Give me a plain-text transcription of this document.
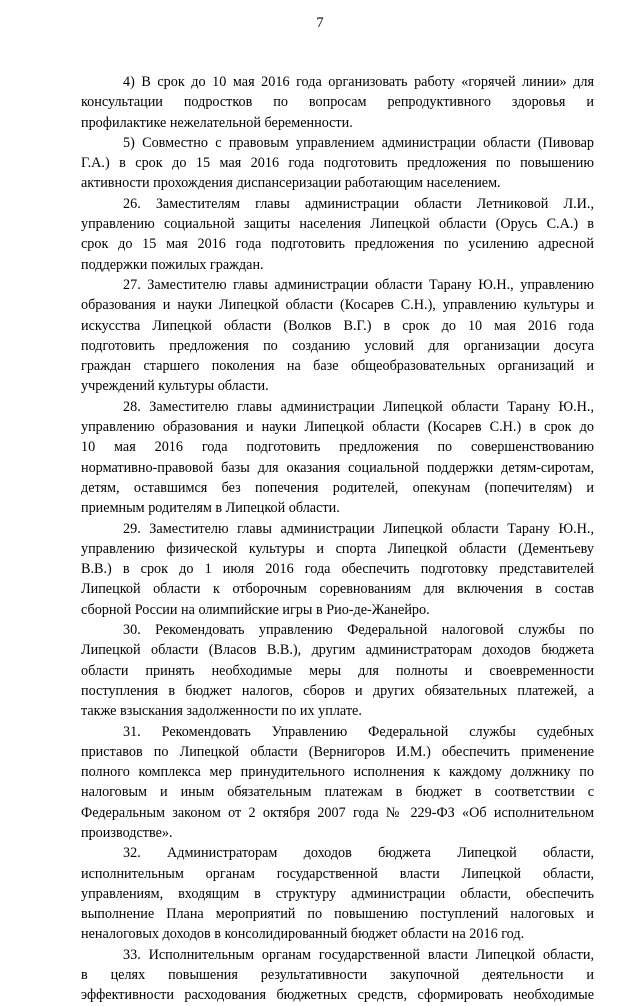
7
4) В срок до 10 мая 2016 года организовать работу «горячей линии» для
консультации подростков по вопросам репродуктивного здоровья и
профилактике нежелательной беременности.
5) Совместно с правовым управлением администрации области (Пивовар
Г.А.) в срок до 15 мая 2016 года подготовить предложения по повышению
активности прохождения диспансеризации работающим населением.
26. Заместителям главы администрации области Летниковой Л.И.,
управлению социальной защиты населения Липецкой области (Орусь С.А.) в
срок до 15 мая 2016 года подготовить предложения по усилению адресной
поддержки пожилых граждан.
27. Заместителю главы администрации области Тарану Ю.Н., управлению
образования и науки Липецкой области (Косарев С.Н.), управлению культуры и
искусства Липецкой области (Волков В.Г.) в срок до 10 мая 2016 года
подготовить предложения по созданию условий для организации досуга
граждан старшего поколения на базе общеобразовательных организаций и
учреждений культуры области.
28. Заместителю главы администрации Липецкой области Тарану Ю.Н.,
управлению образования и науки Липецкой области (Косарев С.Н.) в срок до
10 мая 2016 года подготовить предложения по совершенствованию
нормативно-правовой базы для оказания социальной поддержки детям-сиротам,
детям, оставшимся без попечения родителей, опекунам (попечителям) и
приемным родителям в Липецкой области.
29. Заместителю главы администрации Липецкой области Тарану Ю.Н.,
управлению физической культуры и спорта Липецкой области (Дементьеву
В.В.) в срок до 1 июля 2016 года обеспечить подготовку представителей
Липецкой области к отборочным соревнованиям для включения в состав
сборной России на олимпийские игры в Рио-де-Жанейро.
30. Рекомендовать управлению Федеральной налоговой службы по
Липецкой области (Власов В.В.), другим администраторам доходов бюджета
области принять необходимые меры для полноты и своевременности
поступления в бюджет налогов, сборов и других обязательных платежей, а
также взыскания задолженности по их уплате.
31. Рекомендовать Управлению Федеральной службы судебных
приставов по Липецкой области (Вернигоров И.М.) обеспечить применение
полного комплекса мер принудительного исполнения к каждому должнику по
налоговым и иным обязательным платежам в бюджет в соответствии с
Федеральным законом от 2 октября 2007 года № 229-ФЗ «Об исполнительном
производстве».
32. Администраторам доходов бюджета Липецкой области,
исполнительным органам государственной власти Липецкой области,
управлениям, входящим в структуру администрации области, обеспечить
выполнение Плана мероприятий по повышению поступлений налоговых и
неналоговых доходов в консолидированный бюджет области на 2016 год.
33. Исполнительным органам государственной власти Липецкой области,
в целях повышения результативности закупочной деятельности и
эффективности расходования бюджетных средств, сформировать необходимые
